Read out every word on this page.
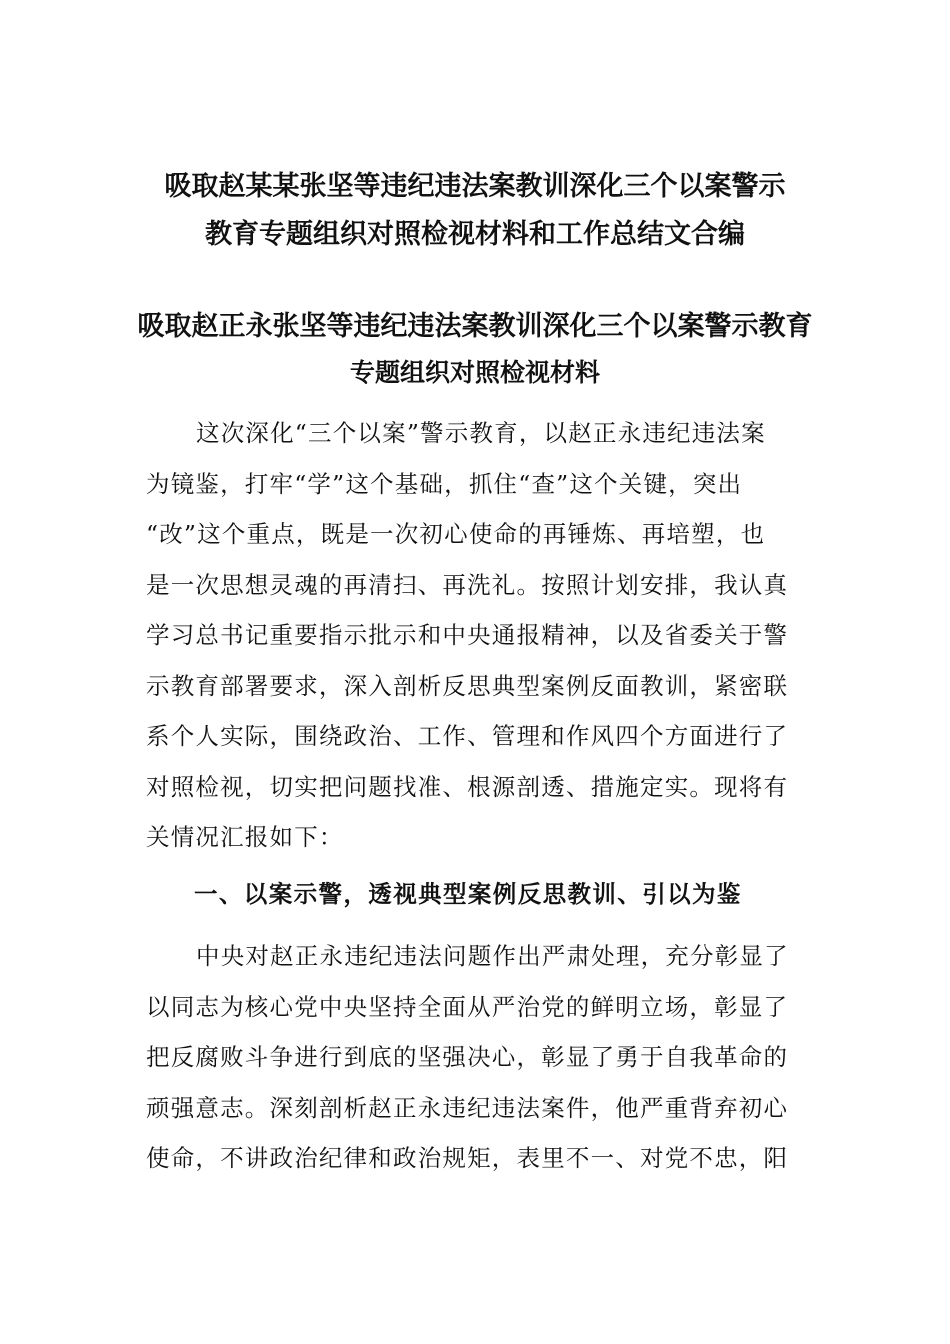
吸取赵某某张坚等违纪违法案教训深化三个以案警示
教育专题组织对照检视材料和工作总结文合编
吸取赵正永张坚等违纪违法案教训深化三个以案警示教育
专题组织对照检视材料
这次深化“三个以案”警示教育，以赵正永违纪违法案
为镜鉴，打牢“学”这个基础，抓住“查”这个关键，突出
“改”这个重点，既是一次初心使命的再锤炼、再培塑，也
是一次思想灵魂的再清扫、再洗礼。按照计划安排，我认真
学习总书记重要指示批示和中央通报精神，以及省委关于警
示教育部署要求，深入剖析反思典型案例反面教训，紧密联
系个人实际，围绕政治、工作、管理和作风四个方面进行了
对照检视，切实把问题找准、根源剖透、措施定实。现将有
关情况汇报如下：
一、以案示警，透视典型案例反思教训、引以为鉴
中央对赵正永违纪违法问题作出严肃处理，充分彰显了
以同志为核心党中央坚持全面从严治党的鲜明立场，彰显了
把反腐败斗争进行到底的坚强决心，彰显了勇于自我革命的
顽强意志。深刻剖析赵正永违纪违法案件，他严重背弃初心
使命，不讲政治纪律和政治规矩，表里不一、对党不忠，阳
